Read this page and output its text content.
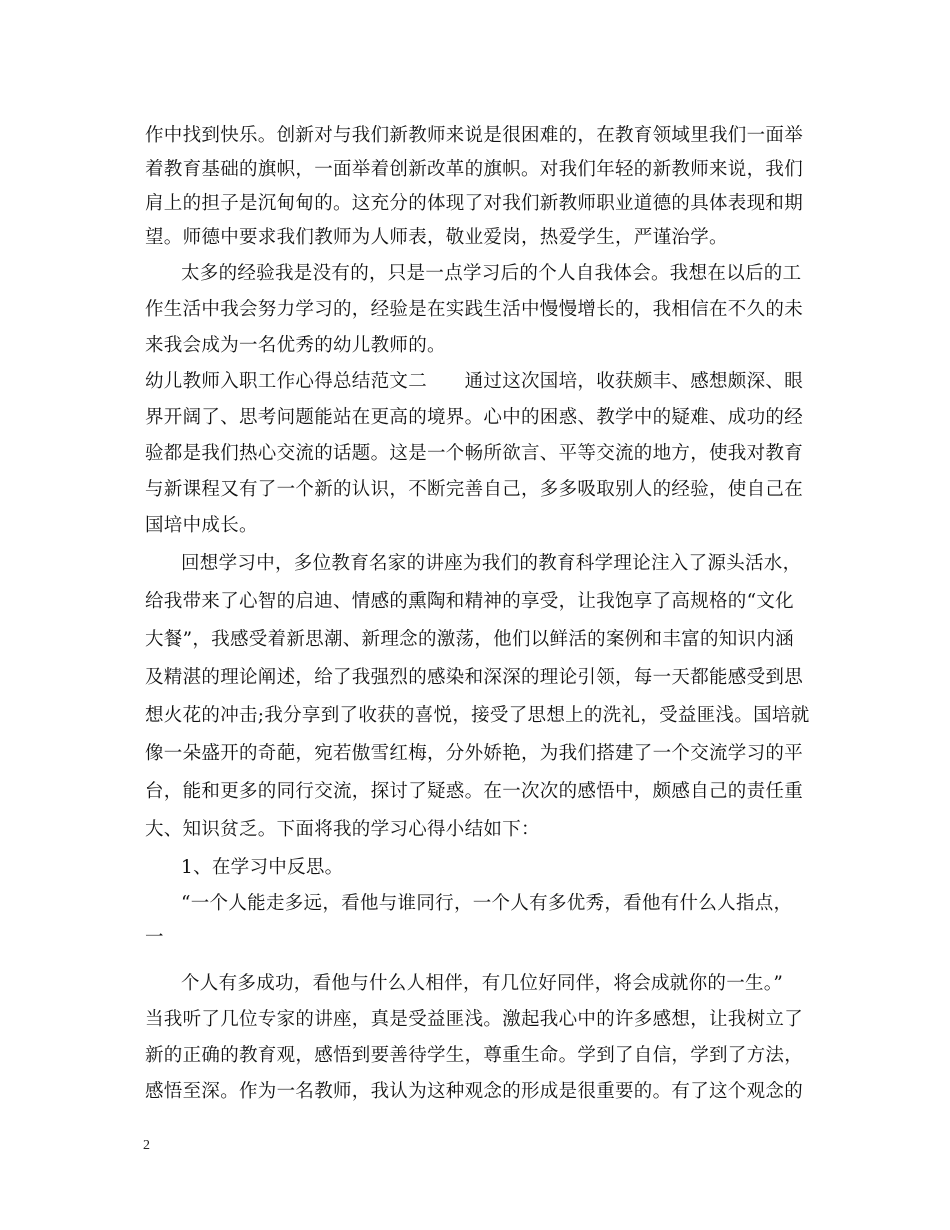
作中找到快乐。创新对与我们新教师来说是很困难的，在教育领域里我们一面举
着教育基础的旗帜，一面举着创新改革的旗帜。对我们年轻的新教师来说，我们
肩上的担子是沉甸甸的。这充分的体现了对我们新教师职业道德的具体表现和期
望。师德中要求我们教师为人师表，敬业爱岗，热爱学生，严谨治学。
太多的经验我是没有的，只是一点学习后的个人自我体会。我想在以后的工
作生活中我会努力学习的，经验是在实践生活中慢慢增长的，我相信在不久的未
来我会成为一名优秀的幼儿教师的。
幼儿教师入职工作心得总结范文二　　通过这次国培，收获颇丰、感想颇深、眼
界开阔了、思考问题能站在更高的境界。心中的困惑、教学中的疑难、成功的经
验都是我们热心交流的话题。这是一个畅所欲言、平等交流的地方，使我对教育
与新课程又有了一个新的认识，不断完善自己，多多吸取别人的经验，使自己在
国培中成长。
回想学习中，多位教育名家的讲座为我们的教育科学理论注入了源头活水，
给我带来了心智的启迪、情感的熏陶和精神的享受，让我饱享了高规格的“文化
大餐”，我感受着新思潮、新理念的激荡，他们以鲜活的案例和丰富的知识内涵
及精湛的理论阐述，给了我强烈的感染和深深的理论引领，每一天都能感受到思
想火花的冲击;我分享到了收获的喜悦，接受了思想上的洗礼，受益匪浅。国培就
像一朵盛开的奇葩，宛若傲雪红梅，分外娇艳，为我们搭建了一个交流学习的平
台，能和更多的同行交流，探讨了疑惑。在一次次的感悟中，颇感自己的责任重
大、知识贫乏。下面将我的学习心得小结如下：
1、在学习中反思。
“一个人能走多远，看他与谁同行，一个人有多优秀，看他有什么人指点，
一
个人有多成功，看他与什么人相伴，有几位好同伴，将会成就你的一生。”
当我听了几位专家的讲座，真是受益匪浅。激起我心中的许多感想，让我树立了
新的正确的教育观，感悟到要善待学生，尊重生命。学到了自信，学到了方法，
感悟至深。作为一名教师，我认为这种观念的形成是很重要的。有了这个观念的
2
